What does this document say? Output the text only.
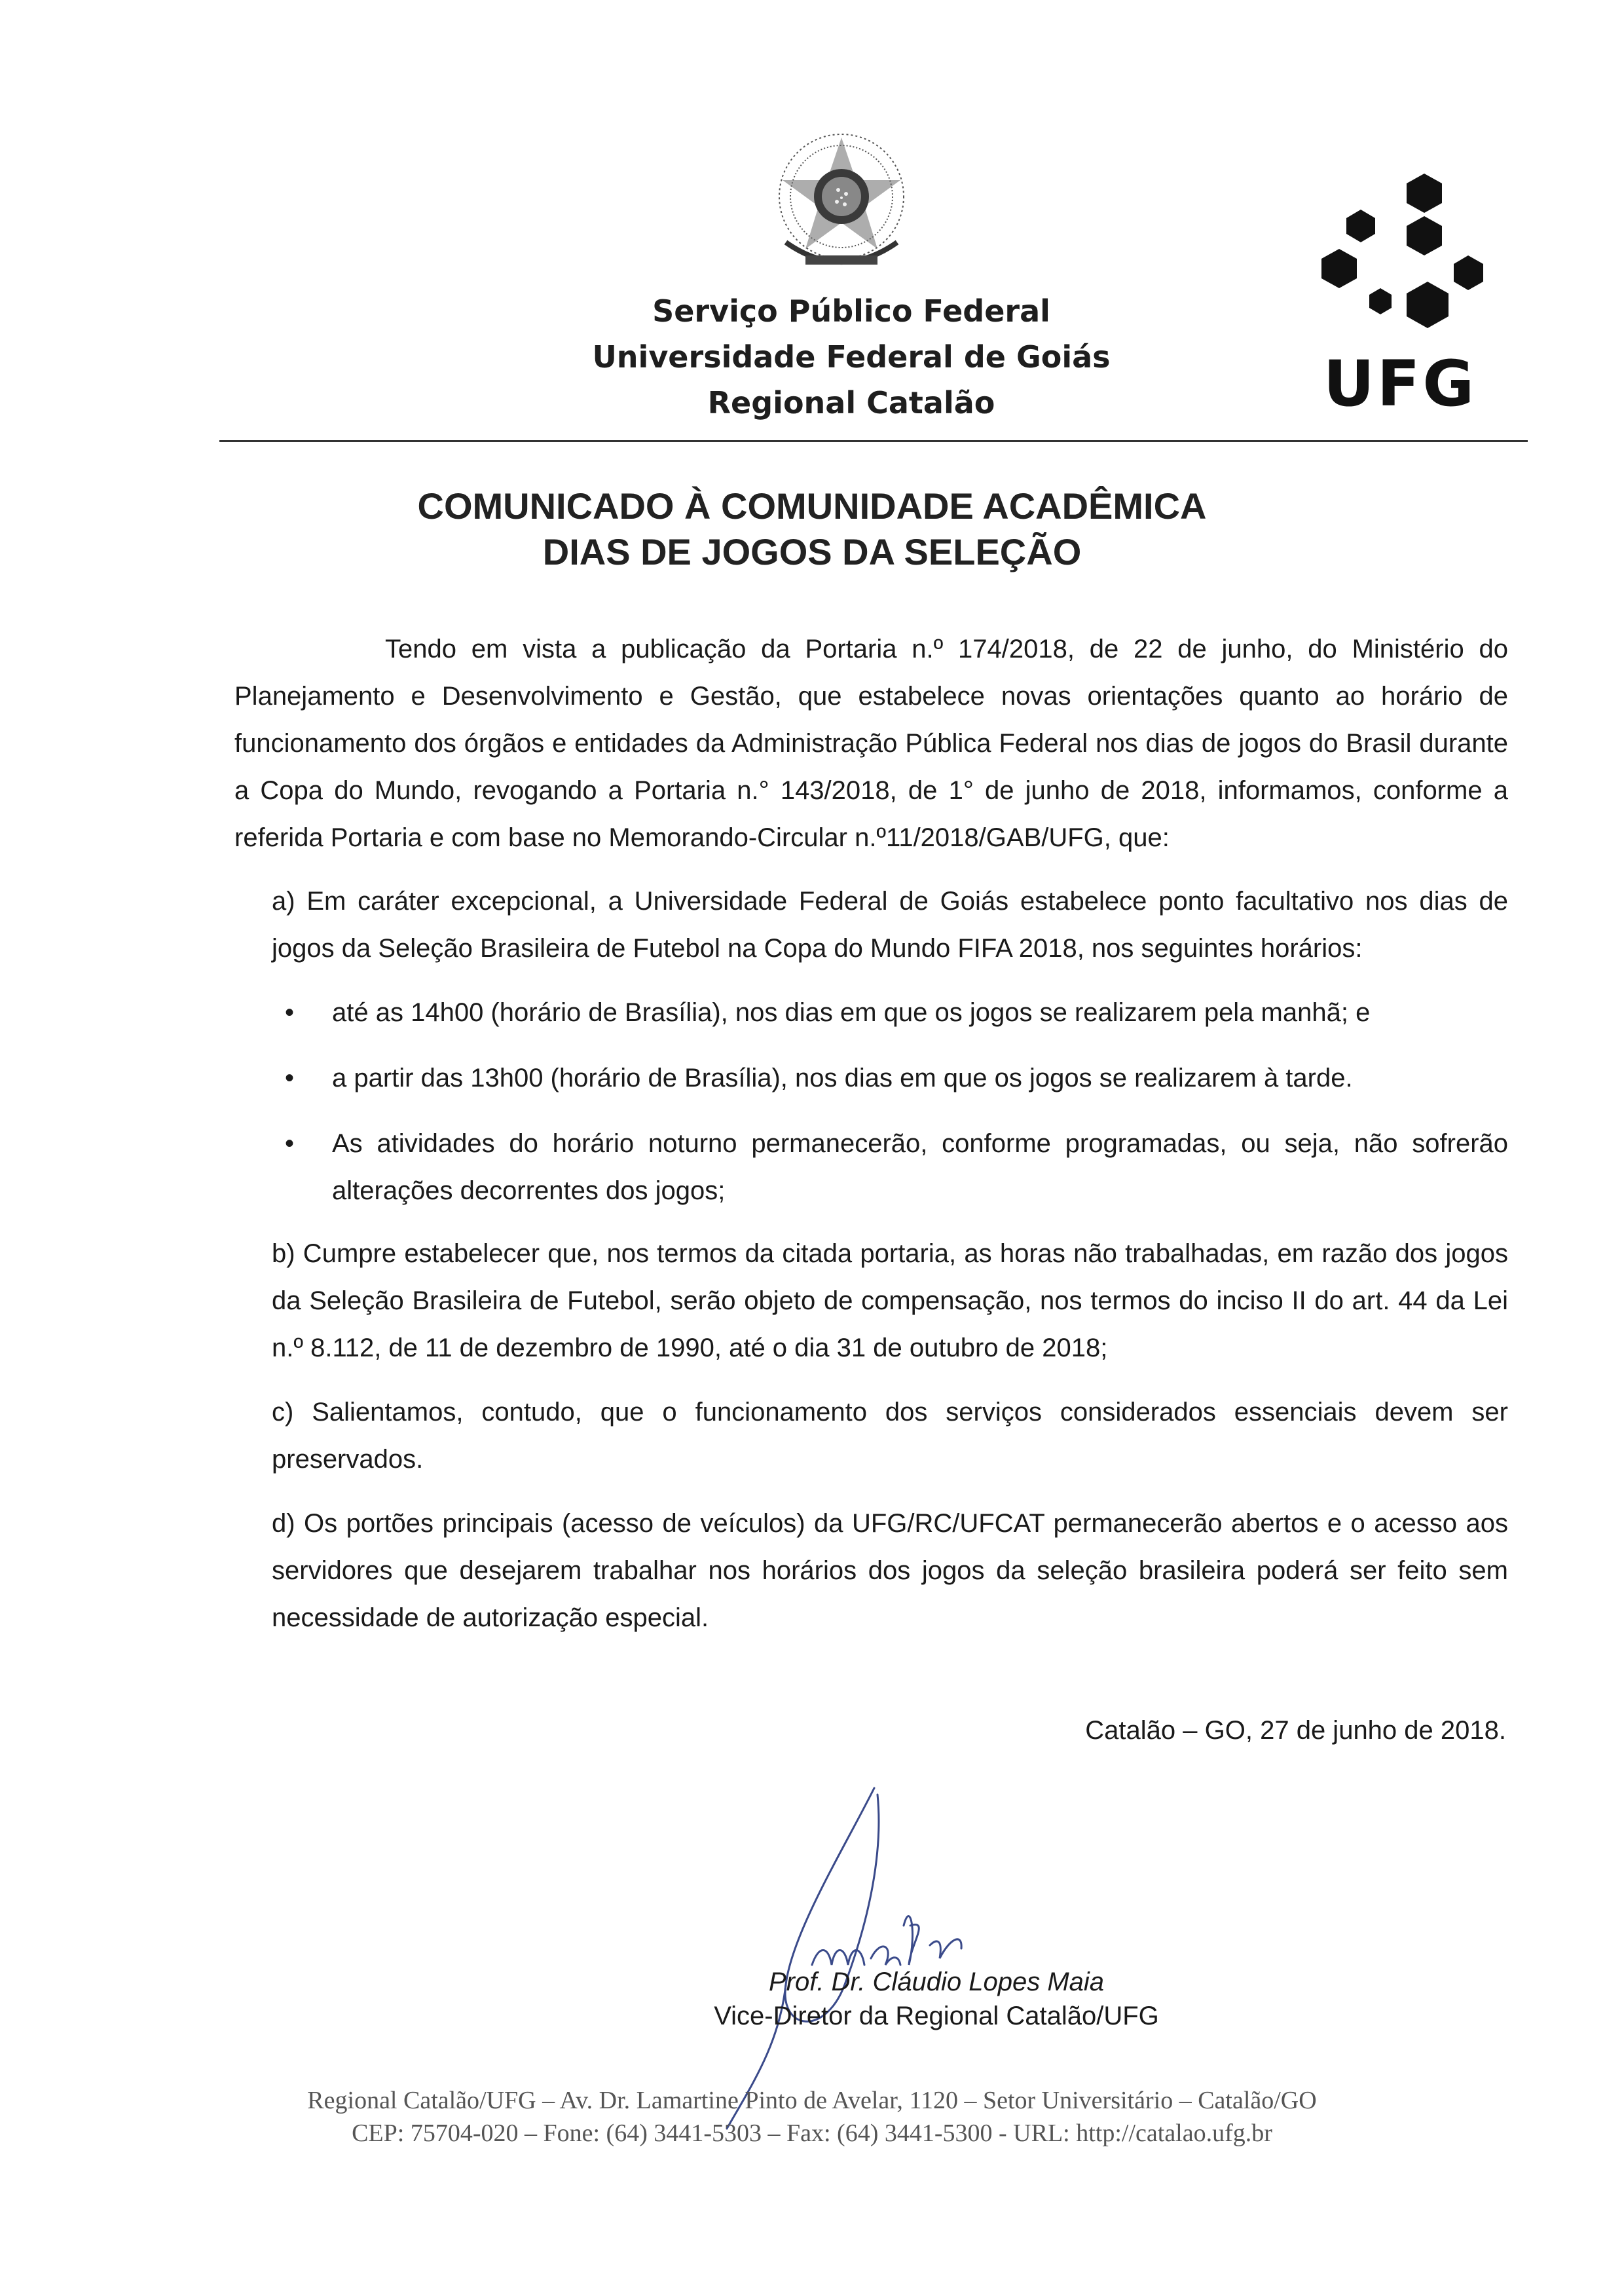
Serviço Público Federal
Universidade Federal de Goiás
Regional Catalão	UFG
COMUNICADO À COMUNIDADE ACADÊMICA
DIAS DE JOGOS DA SELEÇÃO
Tendo em vista a publicação da Portaria n.º 174/2018, de 22 de junho, do Ministério do Planejamento e Desenvolvimento e Gestão, que estabelece novas orientações quanto ao horário de funcionamento dos órgãos e entidades da Administração Pública Federal nos dias de jogos do Brasil durante a Copa do Mundo, revogando a Portaria n.° 143/2018, de 1° de junho de 2018, informamos, conforme a referida Portaria e com base no Memorando-Circular n.º11/2018/GAB/UFG, que:
a) Em caráter excepcional, a Universidade Federal de Goiás estabelece ponto facultativo nos dias de jogos da Seleção Brasileira de Futebol na Copa do Mundo FIFA 2018, nos seguintes horários:
• até as 14h00 (horário de Brasília), nos dias em que os jogos se realizarem pela manhã; e
• a partir das 13h00 (horário de Brasília), nos dias em que os jogos se realizarem à tarde.
• As atividades do horário noturno permanecerão, conforme programadas, ou seja, não sofrerão alterações decorrentes dos jogos;
b) Cumpre estabelecer que, nos termos da citada portaria, as horas não trabalhadas, em razão dos jogos da Seleção Brasileira de Futebol, serão objeto de compensação, nos termos do inciso II do art. 44 da Lei n.º 8.112, de 11 de dezembro de 1990, até o dia 31 de outubro de 2018;
c) Salientamos, contudo, que o funcionamento dos serviços considerados essenciais devem ser preservados.
d) Os portões principais (acesso de veículos) da UFG/RC/UFCAT permanecerão abertos e o acesso aos servidores que desejarem trabalhar nos horários dos jogos da seleção brasileira poderá ser feito sem necessidade de autorização especial.
Catalão – GO, 27 de junho de 2018.
Prof. Dr. Cláudio Lopes Maia
Vice-Diretor da Regional Catalão/UFG
Regional Catalão/UFG – Av. Dr. Lamartine Pinto de Avelar, 1120 – Setor Universitário – Catalão/GO
CEP: 75704-020 – Fone: (64) 3441-5303 – Fax: (64) 3441-5300 - URL: http://catalao.ufg.br
